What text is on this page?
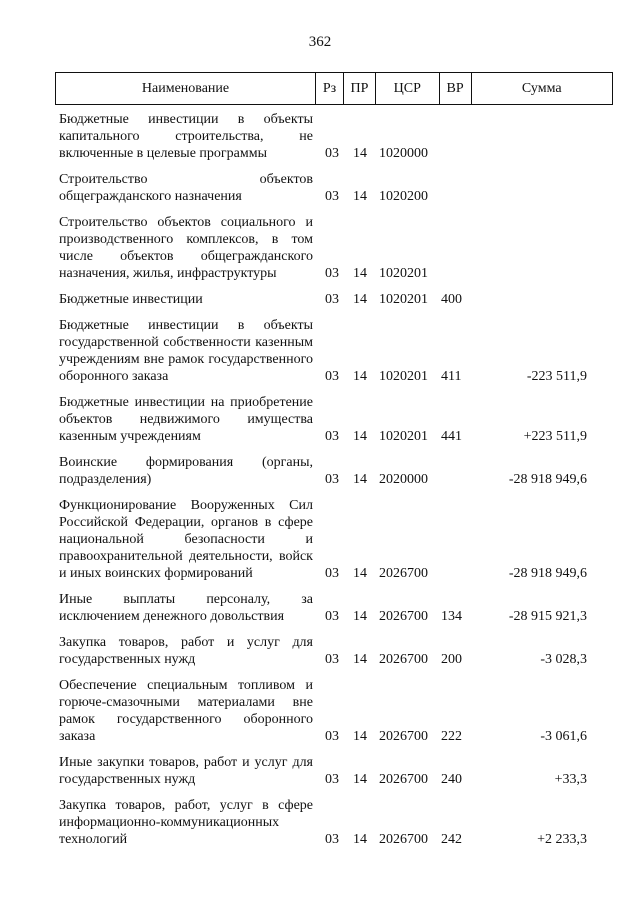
362
Наименование	Рз	ПР	ЦСР	ВР	Сумма
Бюджетные инвестиции в объекты капитального строительства, не включенные в целевые программы	03	14 1020000
Строительство объектов общегражданского назначения	03	14 1020200
Строительство объектов социального и производственного комплексов, в том числе объектов общегражданского назначения, жилья, инфраструктуры	03	14 1020201
Бюджетные инвестиции	03	14 1020201 400
Бюджетные инвестиции в объекты государственной собственности казенным учреждениям вне рамок государственного оборонного заказа	03	14 1020201 411	-223 511,9
Бюджетные инвестиции на приобретение объектов недвижимого имущества казенным учреждениям	03	14 1020201 441	+223 511,9
Воинские формирования (органы, подразделения)	03	14 2020000	-28 918 949,6
Функционирование Вооруженных Сил Российской Федерации, органов в сфере национальной безопасности и правоохранительной деятельности, войск и иных воинских формирований	03	14 2026700	-28 918 949,6
Иные выплаты персоналу, за исключением денежного довольствия	03	14 2026700 134	-28 915 921,3
Закупка товаров, работ и услуг для государственных нужд	03	14 2026700 200	-3 028,3
Обеспечение специальным топливом и горюче-смазочными материалами вне рамок государственного оборонного заказа	03	14 2026700 222	-3 061,6
Иные закупки товаров, работ и услуг для государственных нужд	03	14 2026700 240	+33,3
Закупка товаров, работ, услуг в сфере информационно-коммуникационных технологий	03	14 2026700 242	+2 233,3
